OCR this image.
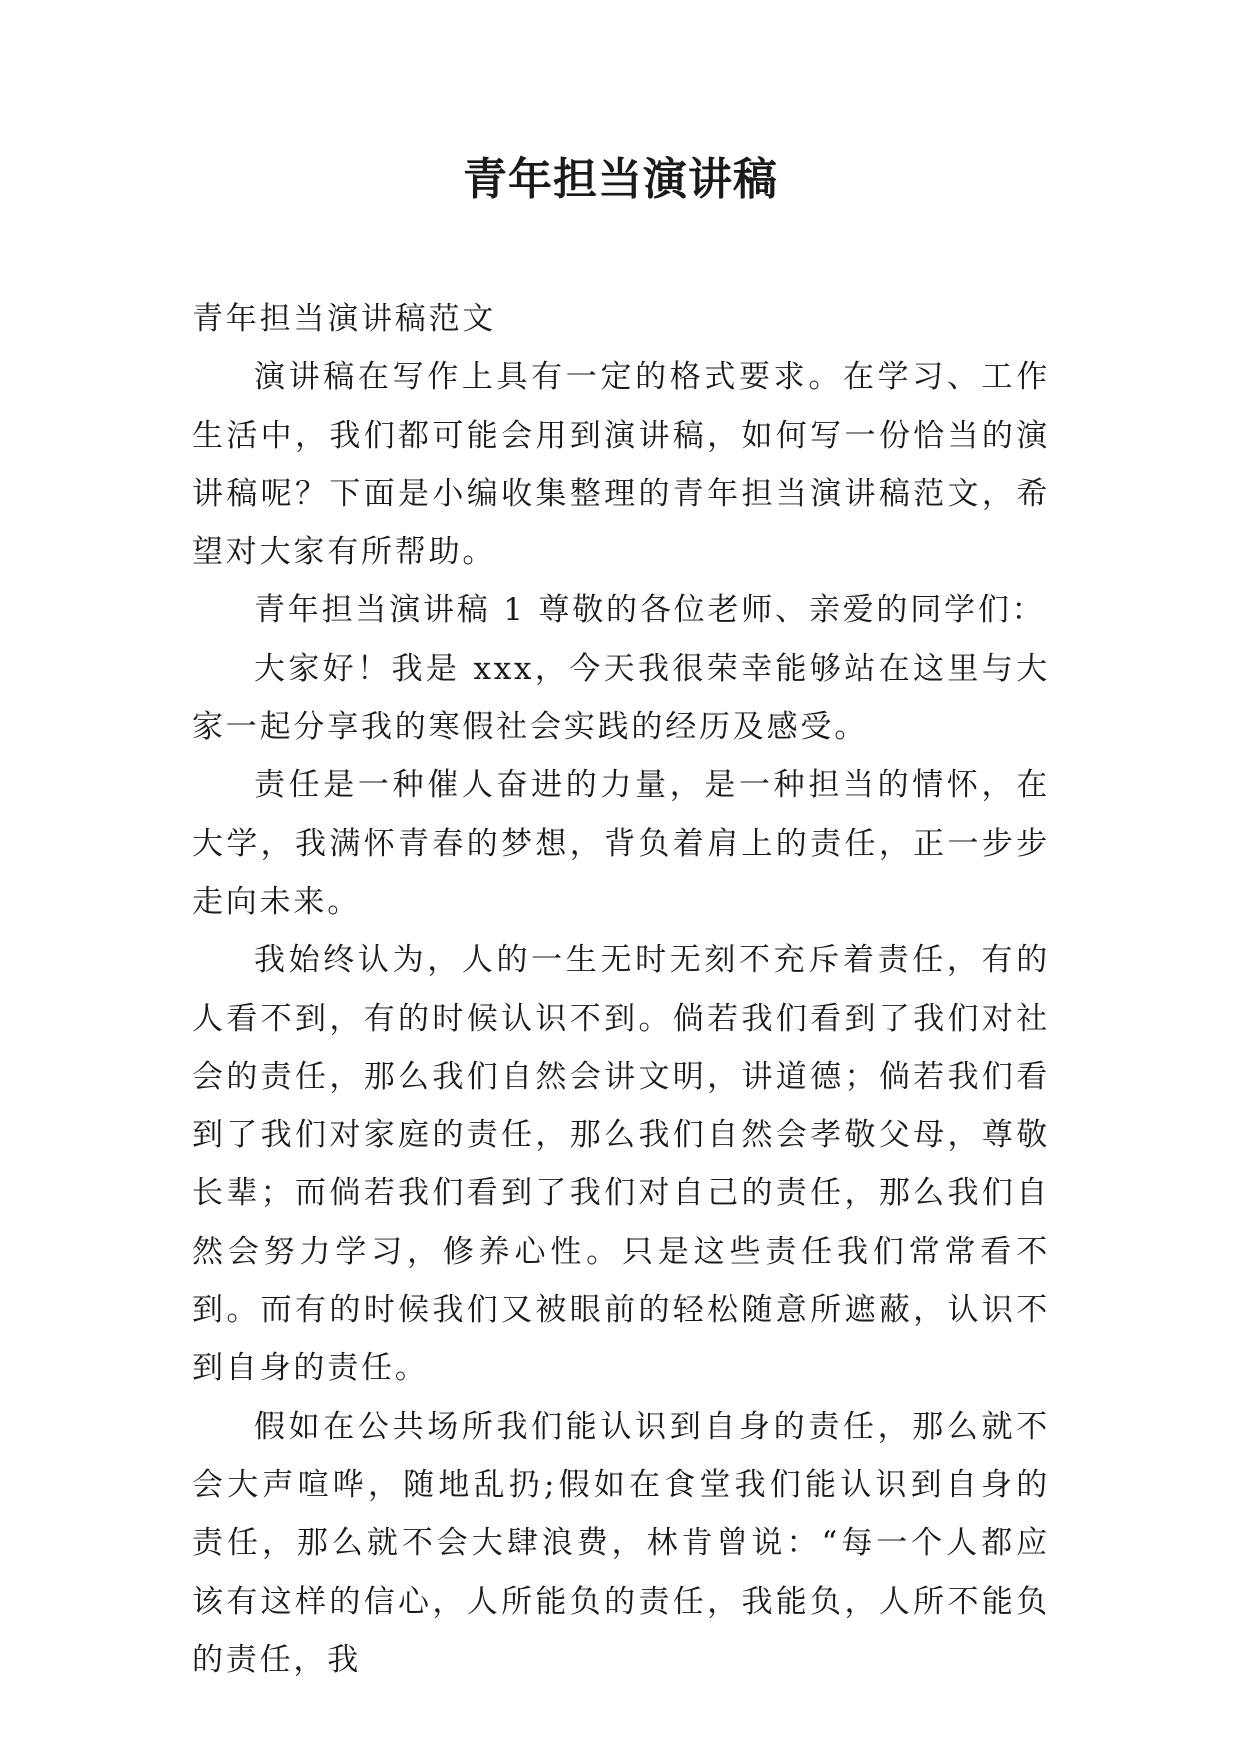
青年担当演讲稿

青年担当演讲稿范文

演讲稿在写作上具有一定的格式要求。在学习、工作生活中，我们都可能会用到演讲稿，如何写一份恰当的演讲稿呢？下面是小编收集整理的青年担当演讲稿范文，希望对大家有所帮助。

青年担当演讲稿 1 尊敬的各位老师、亲爱的同学们：

大家好！我是 xxx，今天我很荣幸能够站在这里与大家一起分享我的寒假社会实践的经历及感受。

责任是一种催人奋进的力量，是一种担当的情怀，在大学，我满怀青春的梦想，背负着肩上的责任，正一步步走向未来。

我始终认为，人的一生无时无刻不充斥着责任，有的人看不到，有的时候认识不到。倘若我们看到了我们对社会的责任，那么我们自然会讲文明，讲道德；倘若我们看到了我们对家庭的责任，那么我们自然会孝敬父母，尊敬长辈；而倘若我们看到了我们对自己的责任，那么我们自然会努力学习，修养心性。只是这些责任我们常常看不到。而有的时候我们又被眼前的轻松随意所遮蔽，认识不到自身的责任。

假如在公共场所我们能认识到自身的责任，那么就不会大声喧哗，随地乱扔;假如在食堂我们能认识到自身的责任，那么就不会大肆浪费，林肯曾说：“每一个人都应该有这样的信心，人所能负的责任，我能负，人所不能负的责任，我
